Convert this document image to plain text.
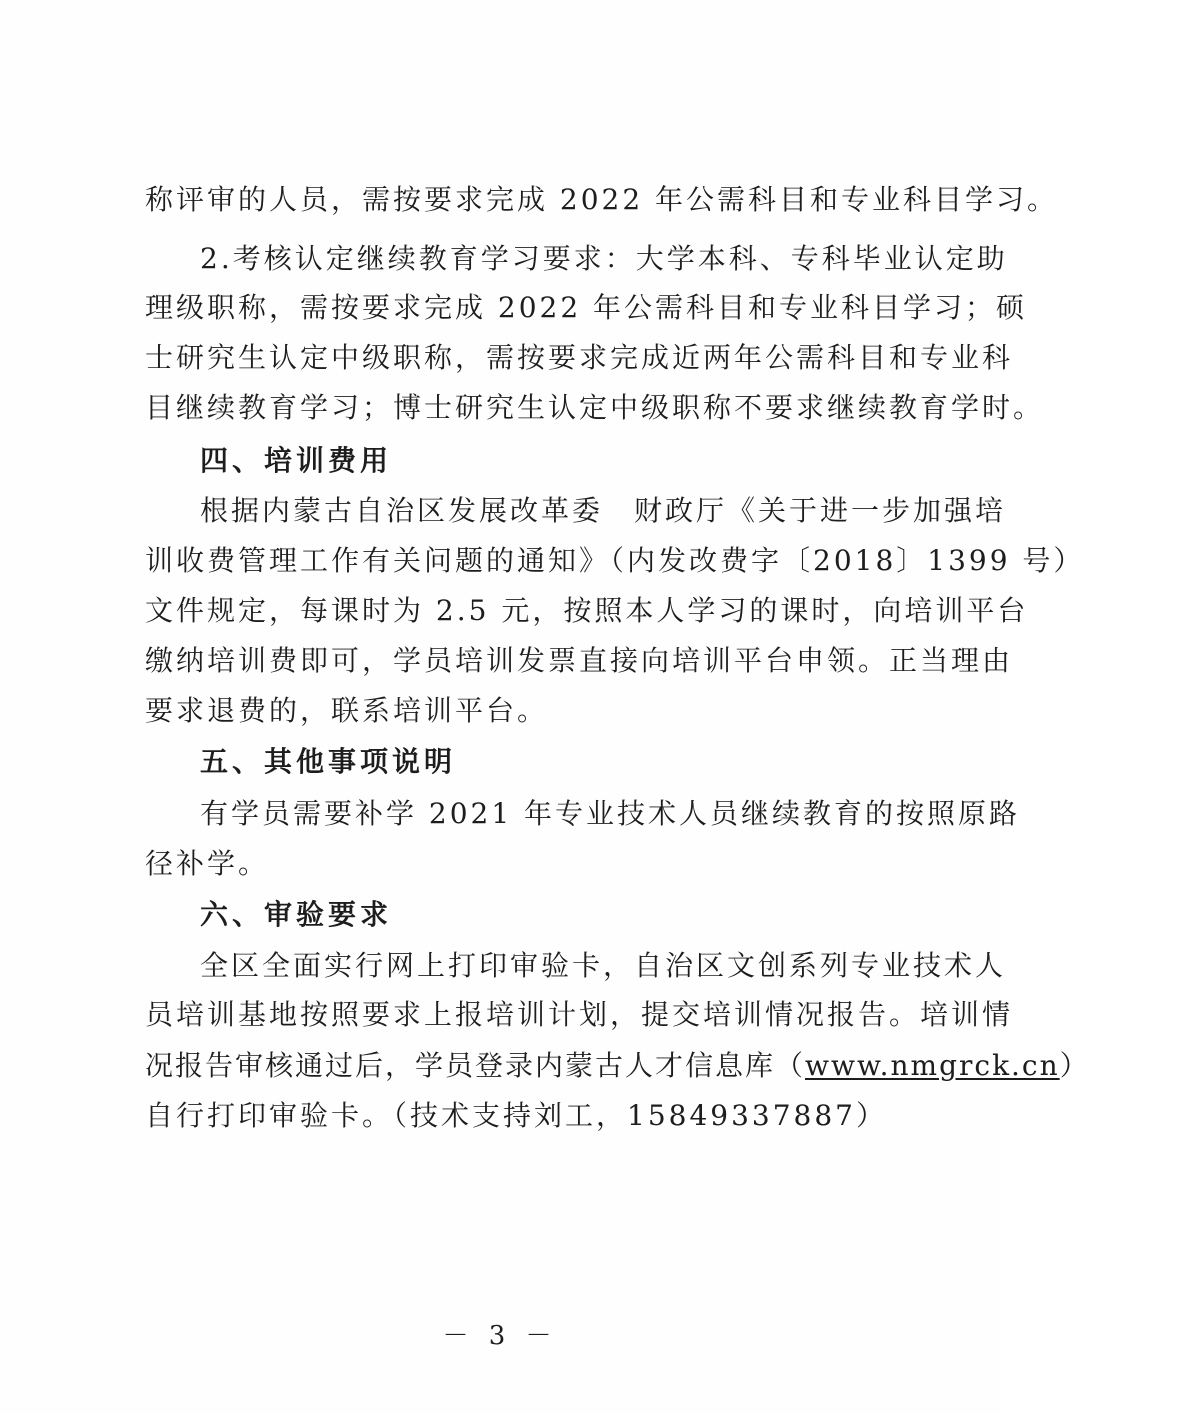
称评审的人员，需按要求完成 2022 年公需科目和专业科目学习。
2.考核认定继续教育学习要求：大学本科、专科毕业认定助
理级职称，需按要求完成 2022 年公需科目和专业科目学习；硕
士研究生认定中级职称，需按要求完成近两年公需科目和专业科
目继续教育学习；博士研究生认定中级职称不要求继续教育学时。
四、培训费用
根据内蒙古自治区发展改革委　财政厅《关于进一步加强培
训收费管理工作有关问题的通知》（内发改费字〔2018〕1399 号）
文件规定，每课时为 2.5 元，按照本人学习的课时，向培训平台
缴纳培训费即可，学员培训发票直接向培训平台申领。正当理由
要求退费的，联系培训平台。
五、其他事项说明
有学员需要补学 2021 年专业技术人员继续教育的按照原路
径补学。
六、审验要求
全区全面实行网上打印审验卡，自治区文创系列专业技术人
员培训基地按照要求上报培训计划，提交培训情况报告。培训情
况报告审核通过后，学员登录内蒙古人才信息库（www.nmgrck.cn）
自行打印审验卡。（技术支持刘工，15849337887）
－ 3 －
